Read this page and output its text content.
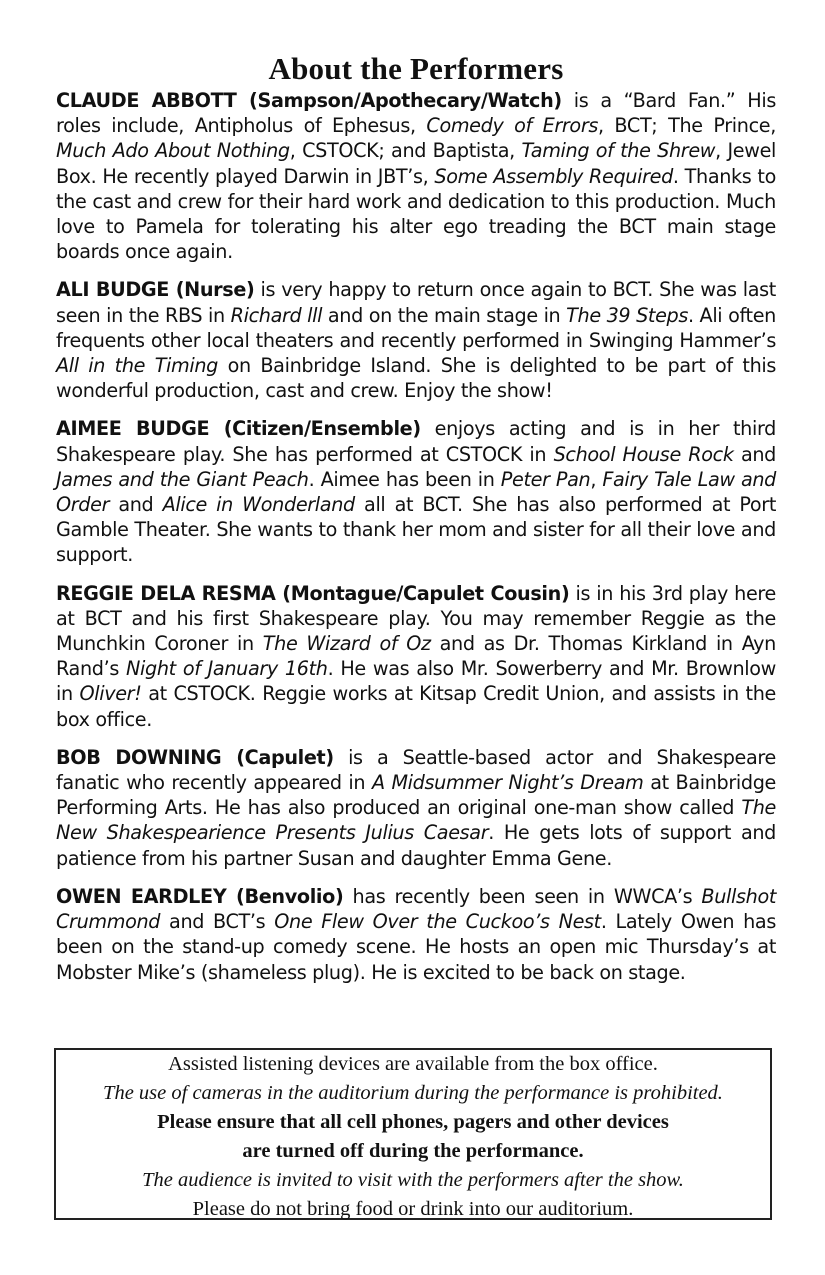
About the Performers

CLAUDE ABBOTT (Sampson/Apothecary/Watch) is a “Bard Fan.” His roles include, Antipholus of Ephesus, Comedy of Errors, BCT; The Prince, Much Ado About Nothing, CSTOCK; and Baptista, Taming of the Shrew, Jewel Box. He recently played Darwin in JBT’s, Some Assembly Required. Thanks to the cast and crew for their hard work and dedication to this production. Much love to Pamela for tolerating his alter ego treading the BCT main stage boards once again.

ALI BUDGE (Nurse) is very happy to return once again to BCT. She was last seen in the RBS in Richard lll and on the main stage in The 39 Steps. Ali often frequents other local theaters and recently performed in Swinging Hammer’s All in the Timing on Bainbridge Island. She is delighted to be part of this wonderful production, cast and crew. Enjoy the show!

AIMEE BUDGE (Citizen/Ensemble) enjoys acting and is in her third Shakespeare play. She has performed at CSTOCK in School House Rock and James and the Giant Peach. Aimee has been in Peter Pan, Fairy Tale Law and Order and Alice in Wonderland all at BCT. She has also performed at Port Gamble Theater. She wants to thank her mom and sister for all their love and support.

REGGIE DELA RESMA (Montague/Capulet Cousin) is in his 3rd play here at BCT and his first Shakespeare play. You may remember Reggie as the Munchkin Coroner in The Wizard of Oz and as Dr. Thomas Kirkland in Ayn Rand’s Night of January 16th. He was also Mr. Sowerberry and Mr. Brownlow in Oliver! at CSTOCK. Reggie works at Kitsap Credit Union, and assists in the box office.

BOB DOWNING (Capulet) is a Seattle-based actor and Shakespeare fanatic who recently appeared in A Midsummer Night’s Dream at Bainbridge Performing Arts. He has also produced an original one-man show called The New Shakespearience Presents Julius Caesar. He gets lots of support and patience from his partner Susan and daughter Emma Gene.

OWEN EARDLEY (Benvolio) has recently been seen in WWCA’s Bullshot Crummond and BCT’s One Flew Over the Cuckoo’s Nest. Lately Owen has been on the stand-up comedy scene. He hosts an open mic Thursday’s at Mobster Mike’s (shameless plug). He is excited to be back on stage.

Assisted listening devices are available from the box office.
The use of cameras in the auditorium during the performance is prohibited.
Please ensure that all cell phones, pagers and other devices
are turned off during the performance.
The audience is invited to visit with the performers after the show.
Please do not bring food or drink into our auditorium.
